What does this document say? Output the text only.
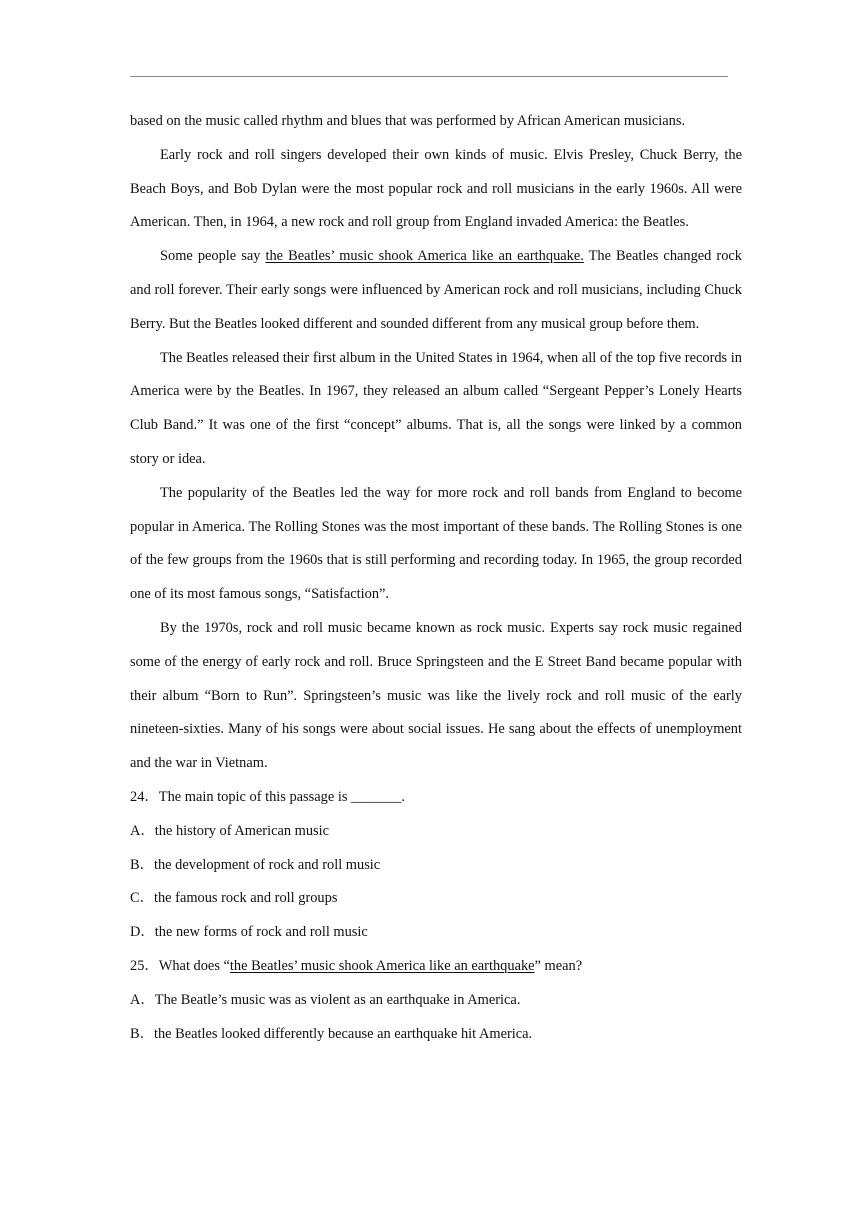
based on the music called rhythm and blues that was performed by African American musicians.

Early rock and roll singers developed their own kinds of music. Elvis Presley, Chuck Berry, the Beach Boys, and Bob Dylan were the most popular rock and roll musicians in the early 1960s. All were American. Then, in 1964, a new rock and roll group from England invaded America: the Beatles.

Some people say the Beatles’ music shook America like an earthquake. The Beatles changed rock and roll forever. Their early songs were influenced by American rock and roll musicians, including Chuck Berry. But the Beatles looked different and sounded different from any musical group before them.

The Beatles released their first album in the United States in 1964, when all of the top five records in America were by the Beatles. In 1967, they released an album called “Sergeant Pepper’s Lonely Hearts Club Band.” It was one of the first “concept” albums. That is, all the songs were linked by a common story or idea.

The popularity of the Beatles led the way for more rock and roll bands from England to become popular in America. The Rolling Stones was the most important of these bands. The Rolling Stones is one of the few groups from the 1960s that is still performing and recording today. In 1965, the group recorded one of its most famous songs, “Satisfaction”.

By the 1970s, rock and roll music became known as rock music. Experts say rock music regained some of the energy of early rock and roll. Bruce Springsteen and the E Street Band became popular with their album “Born to Run”. Springsteen’s music was like the lively rock and roll music of the early nineteen-sixties. Many of his songs were about social issues. He sang about the effects of unemployment and the war in Vietnam.

24．The main topic of this passage is _______.

A．the history of American music

B．the development of rock and roll music

C．the famous rock and roll groups

D．the new forms of rock and roll music

25．What does “the Beatles’ music shook America like an earthquake” mean?

A．The Beatle’s music was as violent as an earthquake in America.

B．the Beatles looked differently because an earthquake hit America.
